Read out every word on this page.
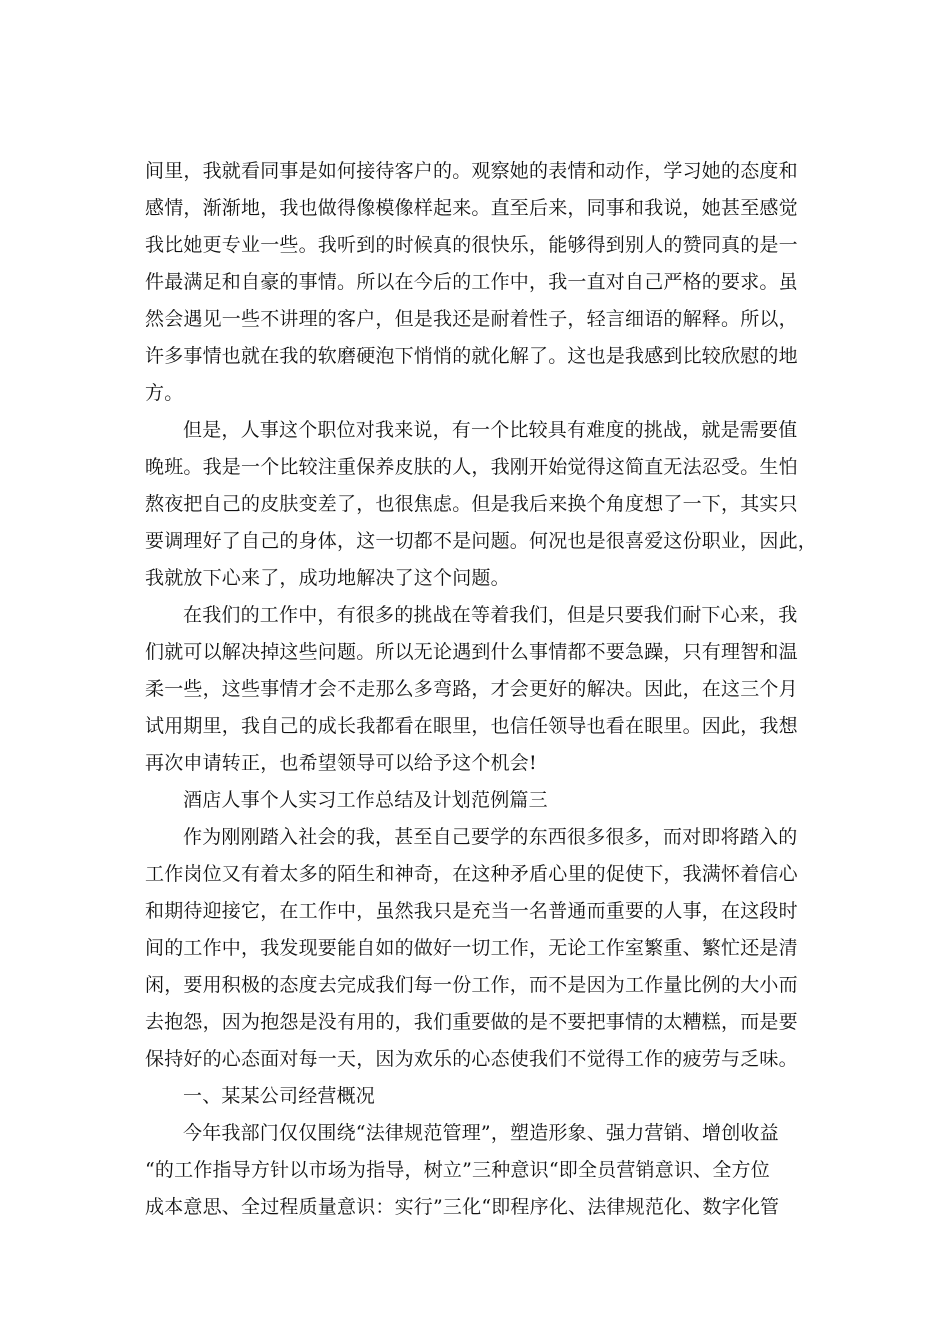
间里，我就看同事是如何接待客户的。观察她的表情和动作，学习她的态度和
感情，渐渐地，我也做得像模像样起来。直至后来，同事和我说，她甚至感觉
我比她更专业一些。我听到的时候真的很快乐，能够得到别人的赞同真的是一
件最满足和自豪的事情。所以在今后的工作中，我一直对自己严格的要求。虽
然会遇见一些不讲理的客户，但是我还是耐着性子，轻言细语的解释。所以，
许多事情也就在我的软磨硬泡下悄悄的就化解了。这也是我感到比较欣慰的地
方。
但是，人事这个职位对我来说，有一个比较具有难度的挑战，就是需要值
晚班。我是一个比较注重保养皮肤的人，我刚开始觉得这简直无法忍受。生怕
熬夜把自己的皮肤变差了，也很焦虑。但是我后来换个角度想了一下，其实只
要调理好了自己的身体，这一切都不是问题。何况也是很喜爱这份职业，因此，
我就放下心来了，成功地解决了这个问题。
在我们的工作中，有很多的挑战在等着我们，但是只要我们耐下心来，我
们就可以解决掉这些问题。所以无论遇到什么事情都不要急躁，只有理智和温
柔一些，这些事情才会不走那么多弯路，才会更好的解决。因此，在这三个月
试用期里，我自己的成长我都看在眼里，也信任领导也看在眼里。因此，我想
再次申请转正，也希望领导可以给予这个机会!
酒店人事个人实习工作总结及计划范例篇三
作为刚刚踏入社会的我，甚至自己要学的东西很多很多，而对即将踏入的
工作岗位又有着太多的陌生和神奇，在这种矛盾心里的促使下，我满怀着信心
和期待迎接它，在工作中，虽然我只是充当一名普通而重要的人事，在这段时
间的工作中，我发现要能自如的做好一切工作，无论工作室繁重、繁忙还是清
闲，要用积极的态度去完成我们每一份工作，而不是因为工作量比例的大小而
去抱怨，因为抱怨是没有用的，我们重要做的是不要把事情的太糟糕，而是要
保持好的心态面对每一天，因为欢乐的心态使我们不觉得工作的疲劳与乏味。
一、某某公司经营概况
今年我部门仅仅围绕“法律规范管理”，塑造形象、强力营销、增创收益
“的工作指导方针以市场为指导，树立”三种意识“即全员营销意识、全方位
成本意思、全过程质量意识：实行”三化“即程序化、法律规范化、数字化管
